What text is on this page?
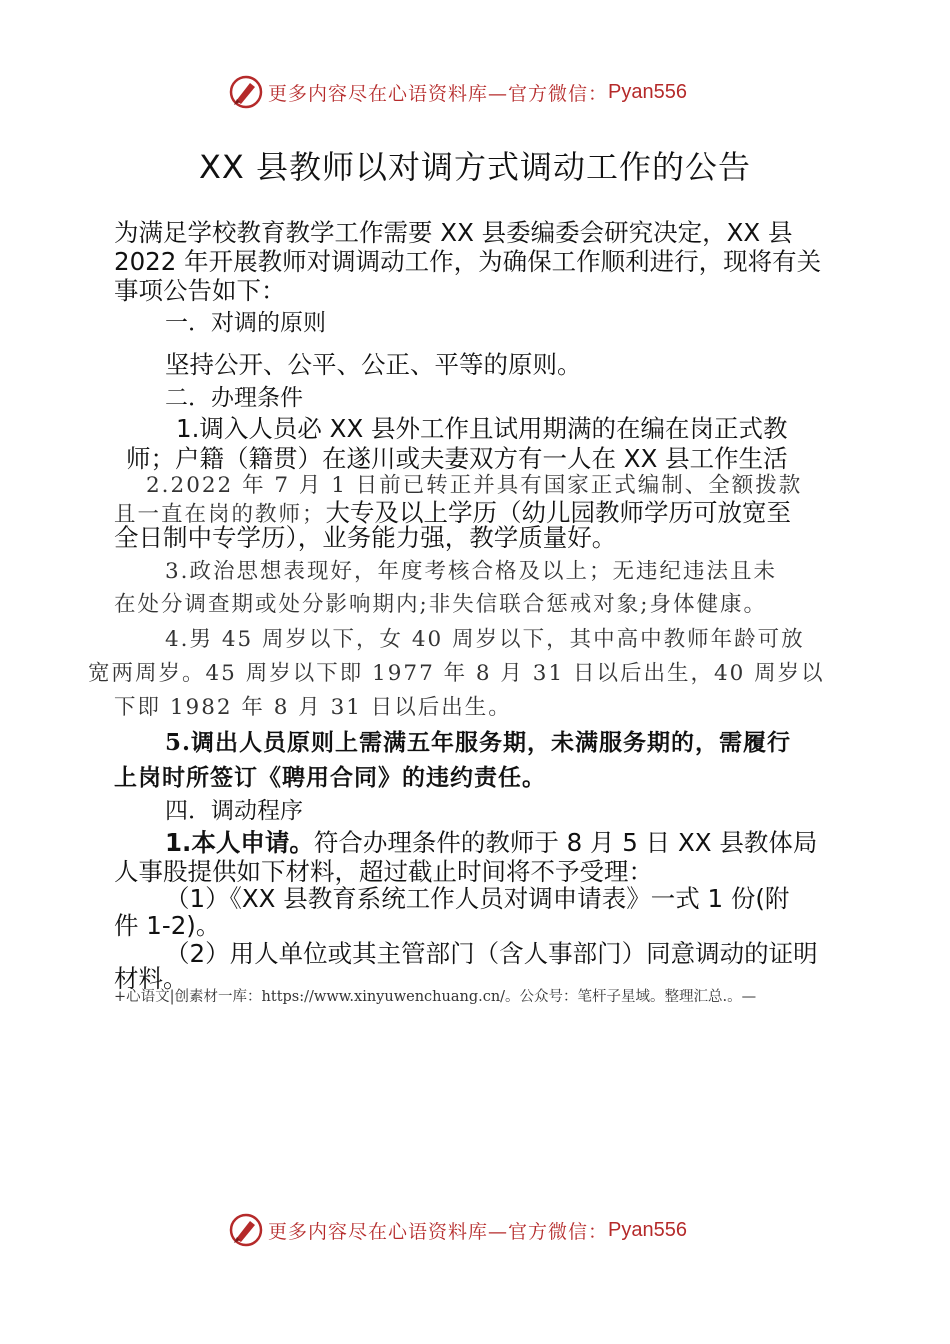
更多内容尽在心语资料库— 官方微信： Pyan556
XX 县教师以对调方式调动工作的公告
为满足学校教育教学工作需要 XX 县委编委会研究决定，XX 县
2022 年开展教师对调调动工作，为确保工作顺利进行，现将有关
事项公告如下：
一．对调的原则
坚持公开、公平、公正、平等的原则。
二．办理条件
1.调入人员必 XX 县外工作且试用期满的在编在岗正式教
师；户籍（籍贯）在遂川或夫妻双方有一人在 XX 县工作生活
2.2022 年 7 月 1 日前已转正并具有国家正式编制、全额拨款
且一直在岗的教师；大专及以上学历（幼儿园教师学历可放宽至
全日制中专学历），业务能力强，教学质量好。
3.政治思想表现好，年度考核合格及以上；无违纪违法且未
在处分调查期或处分影响期内;非失信联合惩戒对象;身体健康。
4.男 45 周岁以下，女 40 周岁以下，其中高中教师年龄可放
宽两周岁。45 周岁以下即 1977 年 8 月 31 日以后出生，40 周岁以
下即 1982 年 8 月 31 日以后出生。
5.调出人员原则上需满五年服务期，未满服务期的，需履行
上岗时所签订《聘用合同》的违约责任。
四．调动程序
1.本人申请。符合办理条件的教师于 8 月 5 日 XX 县教体局
人事股提供如下材料，超过截止时间将不予受理：
（1）《XX 县教育系统工作人员对调申请表》一式 1 份(附
件 1-2)。
（2）用人单位或其主管部门（含人事部门）同意调动的证明
材料。
+心语文|创素材一库：https://www.xinyuwenchuang.cn/。公众号：笔杆子星域。整理汇总.。—
更多内容尽在心语资料库— 官方微信： Pyan556
